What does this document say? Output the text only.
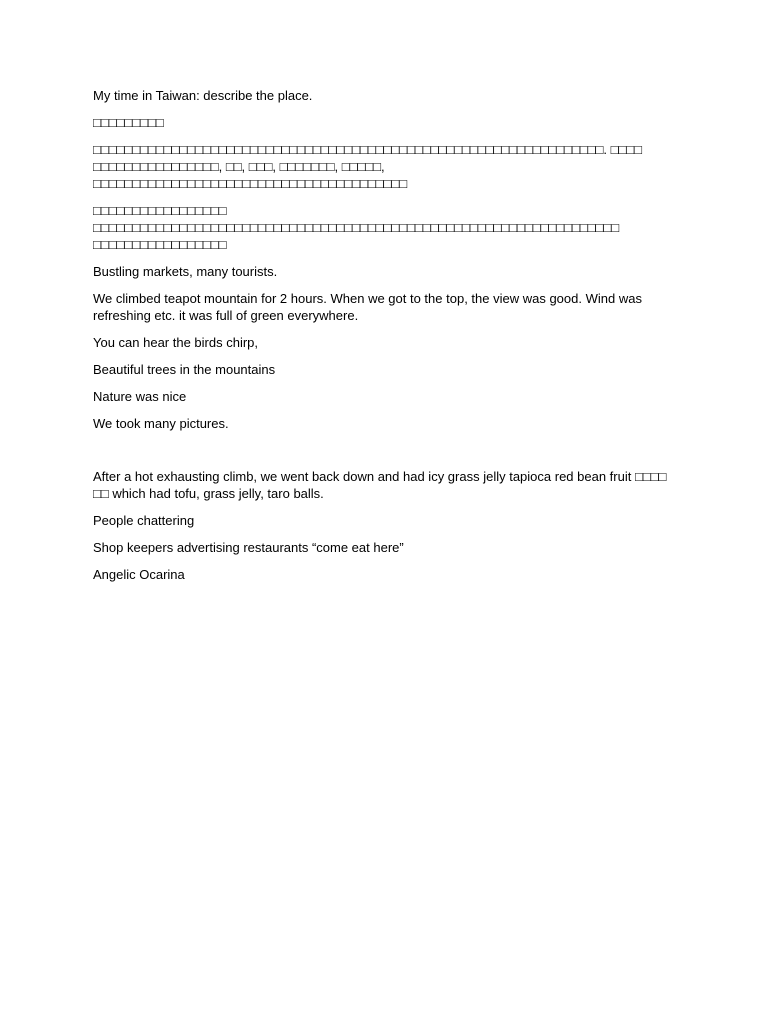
My time in Taiwan: describe the place.

□□□□□□□□□

□□□□□□□□□□□□□□□□□□□□□□□□□□□□□□□□□□□□□□□□□□□□□□□□□□□□□□□□□□□□□□□□□. □□□□ □□□□□□□□□□□□□□□□, □□, □□□, □□□□□□□, □□□□□, □□□□□□□□□□□□□□□□□□□□□□□□□□□□□□□□□□□□□□□□

□□□□□□□□□□□□□□□□□ □□□□□□□□□□□□□□□□□□□□□□□□□□□□□□□□□□□□□□□□□□□□□□□□□□□□□□□□□□□□□□□□□□□ □□□□□□□□□□□□□□□□□

Bustling markets, many tourists.

We climbed teapot mountain for 2 hours. When we got to the top, the view was good. Wind was refreshing etc. it was full of green everywhere.

You can hear the birds chirp,

Beautiful trees in the mountains

Nature was nice

We took many pictures.

After a hot exhausting climb, we went back down and had icy grass jelly tapioca red bean fruit □□□□ □□ which had tofu, grass jelly, taro balls.

People chattering

Shop keepers advertising restaurants “come eat here”

Angelic Ocarina
